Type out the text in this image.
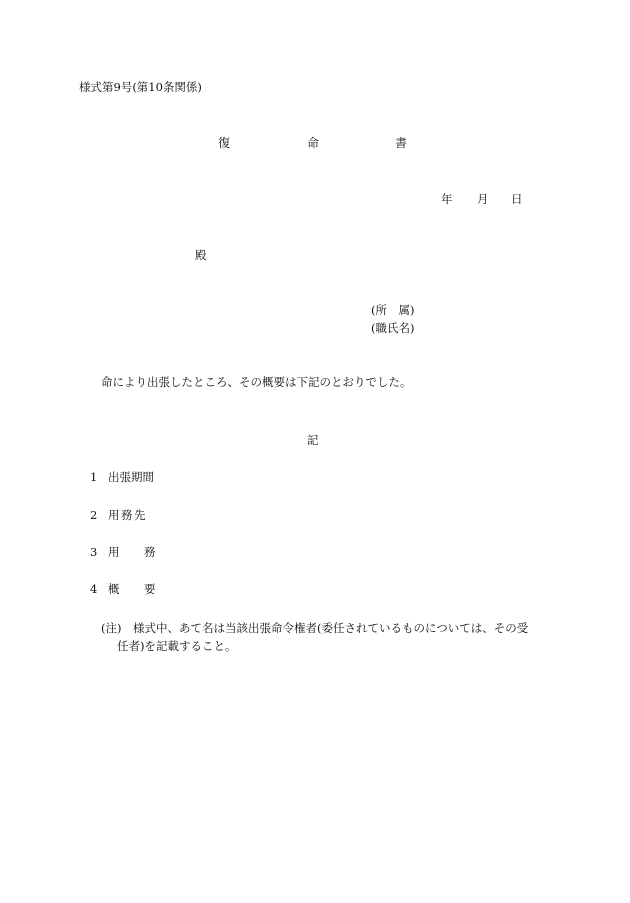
様式第9号(第10条関係)
復	命	書
年 月 日
殿
(所　属)
(職氏名)
命により出張したところ、その概要は下記のとおりでした。
記
1 出張期間
2 用 務 先
3 用 務
4 概 要
(注)　様式中、あて名は当該出張命令権者(委任されているものについては、その受
任者)を記載すること。
